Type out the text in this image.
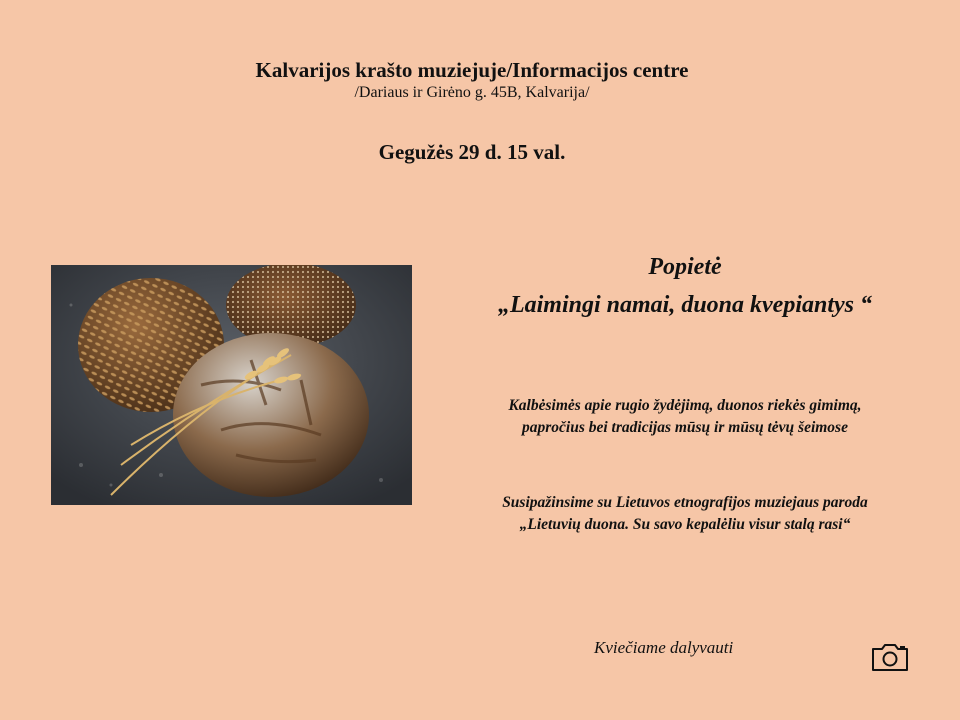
Kalvarijos krašto muziejuje/Informacijos centre
/Dariaus ir Girėno g. 45B, Kalvarija/
Gegužės 29 d. 15 val.
Popietė
„Laimingi namai, duona kvepiantys “
Kalbėsimės apie rugio žydėjimą, duonos riekės gimimą,
papročius bei tradicijas mūsų ir mūsų tėvų šeimose
Susipažinsime su Lietuvos etnografijos muziejaus paroda
„Lietuvių duona. Su savo kepalėliu visur stalą rasi“
Kviečiame dalyvauti
